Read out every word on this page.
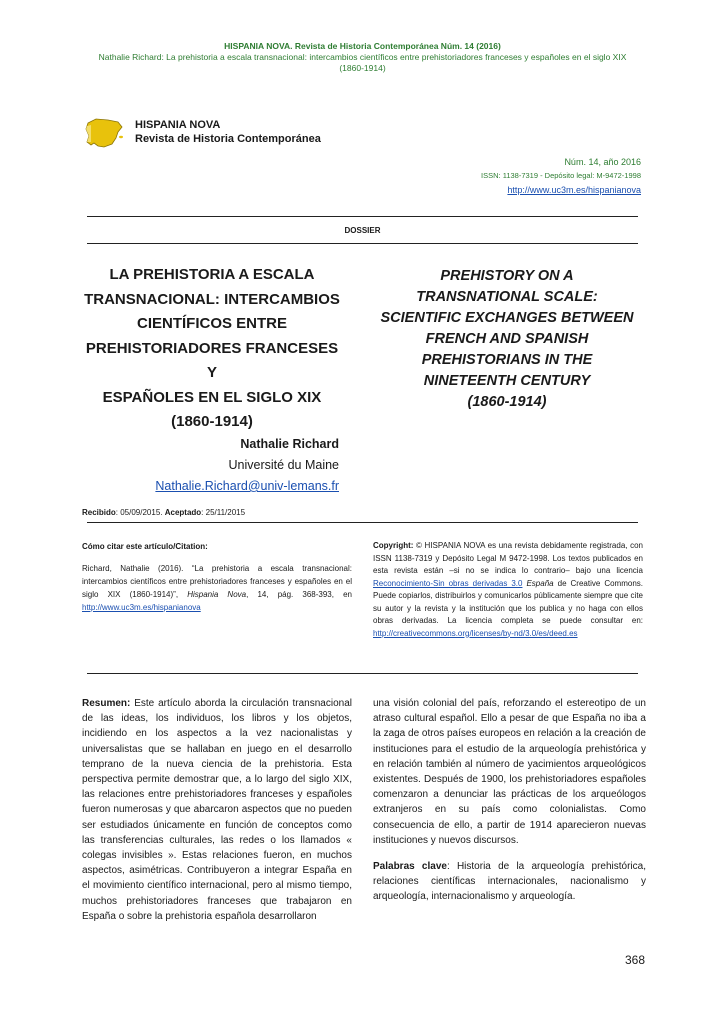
HISPANIA NOVA. Revista de Historia Contemporánea Núm. 14 (2016)
Nathalie Richard: La prehistoria a escala transnacional: intercambios científicos entre prehistoriadores franceses y españoles en el siglo XIX
(1860-1914)
HISPANIA NOVA
Revista de Historia Contemporánea
Núm. 14, año 2016
ISSN: 1138-7319 - Depósito legal: M-9472-1998
http://www.uc3m.es/hispanianova
DOSSIER
LA PREHISTORIA A ESCALA
TRANSNACIONAL: INTERCAMBIOS
CIENTÍFICOS ENTRE
PREHISTORIADORES FRANCESES Y
ESPAÑOLES EN EL SIGLO XIX
(1860-1914)
PREHISTORY ON A
TRANSNATIONAL SCALE:
SCIENTIFIC EXCHANGES BETWEEN
FRENCH AND SPANISH
PREHISTORIANS IN THE
NINETEENTH CENTURY
(1860-1914)
Nathalie Richard
Université du Maine
Nathalie.Richard@univ-lemans.fr
Recibido: 05/09/2015. Aceptado: 25/11/2015
Cómo citar este artículo/Citation:
Richard, Nathalie (2016). “La prehistoria a escala transnacional: intercambios científicos entre prehistoriadores franceses y españoles en el siglo XIX (1860-1914)”, Hispania Nova, 14, pág. 368-393, en http://www.uc3m.es/hispanianova
Copyright: © HISPANIA NOVA es una revista debidamente registrada, con ISSN 1138-7319 y Depósito Legal M 9472-1998. Los textos publicados en esta revista están –si no se indica lo contrario– bajo una licencia Reconocimiento-Sin obras derivadas 3.0 España de Creative Commons. Puede copiarlos, distribuirlos y comunicarlos públicamente siempre que cite su autor y la revista y la institución que los publica y no haga con ellos obras derivadas. La licencia completa se puede consultar en: http://creativecommons.org/licenses/by-nd/3.0/es/deed.es
Resumen: Este artículo aborda la circulación transnacional de las ideas, los individuos, los libros y los objetos, incidiendo en los aspectos a la vez nacionalistas y universalistas que se hallaban en juego en el desarrollo temprano de la nueva ciencia de la prehistoria. Esta perspectiva permite demostrar que, a lo largo del siglo XIX, las relaciones entre prehistoriadores franceses y españoles fueron numerosas y que abarcaron aspectos que no pueden ser estudiados únicamente en función de conceptos como las transferencias culturales, las redes o los llamados « colegas invisibles ». Estas relaciones fueron, en muchos aspectos, asimétricas. Contribuyeron a integrar España en el movimiento científico internacional, pero al mismo tiempo, muchos prehistoriadores franceses que trabajaron en España o sobre la prehistoria española desarrollaron
una visión colonial del país, reforzando el estereotipo de un atraso cultural español. Ello a pesar de que España no iba a la zaga de otros países europeos en relación a la creación de instituciones para el estudio de la arqueología prehistórica y en relación también al número de yacimientos arqueológicos existentes. Después de 1900, los prehistoriadores españoles comenzaron a denunciar las prácticas de los arqueólogos extranjeros en su país como colonialistas. Como consecuencia de ello, a partir de 1914 aparecieron nuevas instituciones y nuevos discursos.
Palabras clave: Historia de la arqueología prehistórica, relaciones científicas internacionales, nacionalismo y arqueología, internacionalismo y arqueología.
368
